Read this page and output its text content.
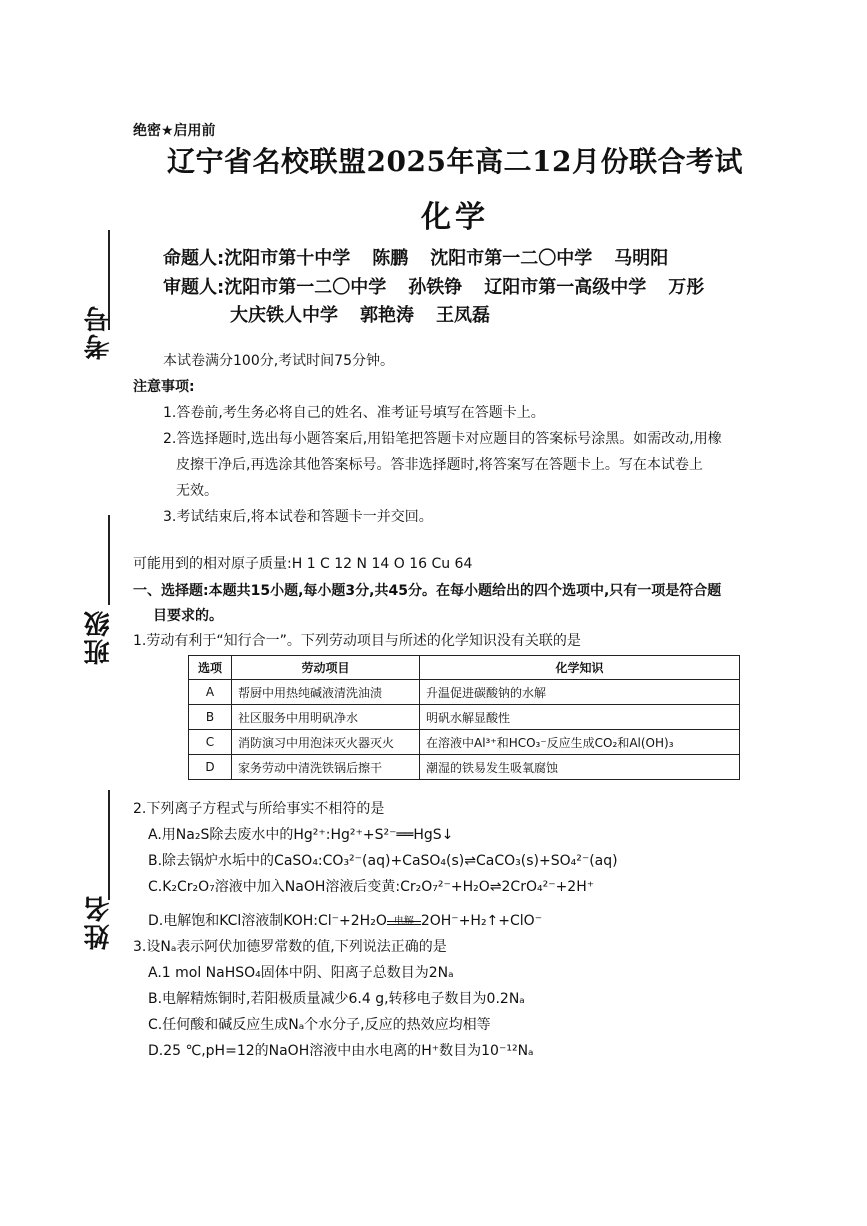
考号
班级
姓名
绝密★启用前
辽宁省名校联盟2025年高二12月份联合考试
化学
命题人:沈阳市第十中学 陈鹏 沈阳市第一二〇中学 马明阳
审题人:沈阳市第一二〇中学 孙铁铮 辽阳市第一高级中学 万彤
大庆铁人中学 郭艳涛 王凤磊
本试卷满分100分,考试时间75分钟。
注意事项:
1.答卷前,考生务必将自己的姓名、准考证号填写在答题卡上。
2.答选择题时,选出每小题答案后,用铅笔把答题卡对应题目的答案标号涂黑。如需改动,用橡
皮擦干净后,再选涂其他答案标号。答非选择题时,将答案写在答题卡上。写在本试卷上
无效。
3.考试结束后,将本试卷和答题卡一并交回。
可能用到的相对原子质量:H 1 C 12 N 14 O 16 Cu 64
一、选择题:本题共15小题,每小题3分,共45分。在每小题给出的四个选项中,只有一项是符合题
目要求的。
1.劳动有利于“知行合一”。下列劳动项目与所述的化学知识没有关联的是
选项	劳动项目	化学知识
A	帮厨中用热纯碱液清洗油渍	升温促进碳酸钠的水解
B	社区服务中用明矾净水	明矾水解显酸性
C	消防演习中用泡沫灭火器灭火	在溶液中Al³⁺和HCO₃⁻反应生成CO₂和Al(OH)₃
D	家务劳动中清洗铁锅后擦干	潮湿的铁易发生吸氧腐蚀
2.下列离子方程式与所给事实不相符的是
A.用Na₂S除去废水中的Hg²⁺:Hg²⁺+S²⁻══HgS↓
B.除去锅炉水垢中的CaSO₄:CO₃²⁻(aq)+CaSO₄(s)⇌CaCO₃(s)+SO₄²⁻(aq)
C.K₂Cr₂O₇溶液中加入NaOH溶液后变黄:Cr₂O₇²⁻+H₂O⇌2CrO₄²⁻+2H⁺
D.电解饱和KCl溶液制KOH:Cl⁻+2H₂O 电解 2OH⁻+H₂↑+ClO⁻
3.设Nₐ表示阿伏加德罗常数的值,下列说法正确的是
A.1 mol NaHSO₄固体中阴、阳离子总数目为2Nₐ
B.电解精炼铜时,若阳极质量减少6.4 g,转移电子数目为0.2Nₐ
C.任何酸和碱反应生成Nₐ个水分子,反应的热效应均相等
D.25 ℃,pH=12的NaOH溶液中由水电离的H⁺数目为10⁻¹²Nₐ
